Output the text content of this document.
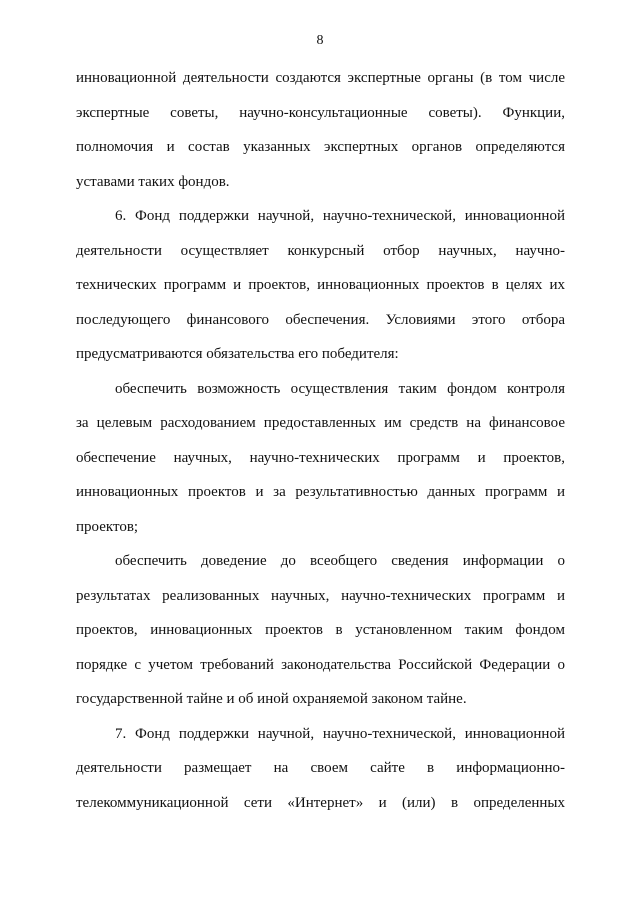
8
инновационной деятельности создаются экспертные органы (в том числе
экспертные советы, научно-консультационные советы). Функции,
полномочия и состав указанных экспертных органов определяются
уставами таких фондов.
6. Фонд поддержки научной, научно-технической, инновационной
деятельности осуществляет конкурсный отбор научных, научно-
технических программ и проектов, инновационных проектов в целях их
последующего финансового обеспечения. Условиями этого отбора
предусматриваются обязательства его победителя:
обеспечить возможность осуществления таким фондом контроля
за целевым расходованием предоставленных им средств на финансовое
обеспечение научных, научно-технических программ и проектов,
инновационных проектов и за результативностью данных программ и
проектов;
обеспечить доведение до всеобщего сведения информации о
результатах реализованных научных, научно-технических программ и
проектов, инновационных проектов в установленном таким фондом
порядке с учетом требований законодательства Российской Федерации о
государственной тайне и об иной охраняемой законом тайне.
7. Фонд поддержки научной, научно-технической, инновационной
деятельности размещает на своем сайте в информационно-
телекоммуникационной сети «Интернет» и (или) в определенных
